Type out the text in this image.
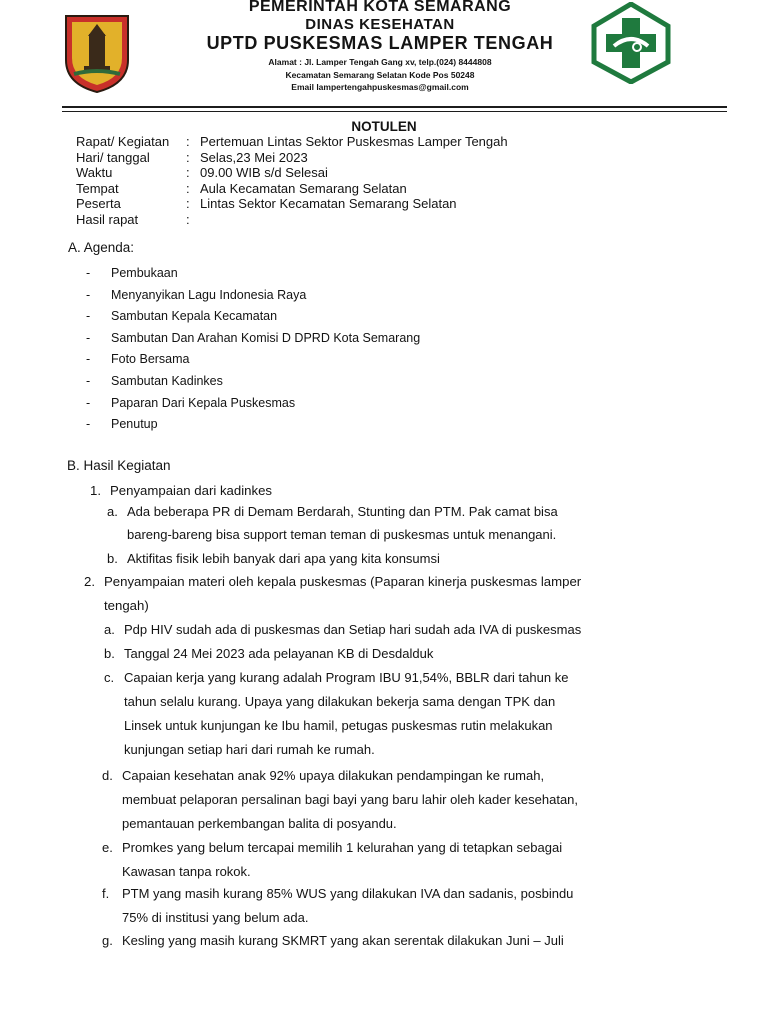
PEMERINTAH KOTA SEMARANG
DINAS KESEHATAN
UPTD PUSKESMAS LAMPER TENGAH
Alamat : Jl. Lamper Tengah Gang xv, telp.(024) 8444808
Kecamatan Semarang Selatan Kode Pos 50248
Email lampertengahpuskesmas@gmail.com
NOTULEN
Rapat/ Kegiatan : Pertemuan Lintas Sektor Puskesmas Lamper Tengah
Hari/ tanggal	: Selas,23 Mei 2023
Waktu	: 09.00 WIB s/d Selesai
Tempat	: Aula Kecamatan Semarang Selatan
Peserta	: Lintas Sektor Kecamatan Semarang Selatan
Hasil rapat	:
A. Agenda:
- Pembukaan
- Menyanyikan Lagu Indonesia Raya
- Sambutan Kepala Kecamatan
- Sambutan Dan Arahan Komisi D DPRD Kota Semarang
- Foto Bersama
- Sambutan Kadinkes
- Paparan Dari Kepala Puskesmas
- Penutup
B. Hasil Kegiatan
1. Penyampaian dari kadinkes
a. Ada beberapa PR di Demam Berdarah, Stunting dan PTM. Pak camat bisa
bareng-bareng bisa support teman teman di puskesmas untuk menangani.
b. Aktifitas fisik lebih banyak dari apa yang kita konsumsi
2. Penyampaian materi oleh kepala puskesmas (Paparan kinerja puskesmas lamper
tengah)
a. Pdp HIV sudah ada di puskesmas dan Setiap hari sudah ada IVA di puskesmas
b. Tanggal 24 Mei 2023 ada pelayanan KB di Desdalduk
c. Capaian kerja yang kurang adalah Program IBU 91,54%, BBLR dari tahun ke
tahun selalu kurang. Upaya yang dilakukan bekerja sama dengan TPK dan
Linsek untuk kunjungan ke Ibu hamil, petugas puskesmas rutin melakukan
kunjungan setiap hari dari rumah ke rumah.
d. Capaian kesehatan anak 92% upaya dilakukan pendampingan ke rumah,
membuat pelaporan persalinan bagi bayi yang baru lahir oleh kader kesehatan,
pemantauan perkembangan balita di posyandu.
e. Promkes yang belum tercapai memilih 1 kelurahan yang di tetapkan sebagai
Kawasan tanpa rokok.
f. PTM yang masih kurang 85% WUS yang dilakukan IVA dan sadanis, posbindu
75% di institusi yang belum ada.
g. Kesling yang masih kurang SKMRT yang akan serentak dilakukan Juni – Juli
